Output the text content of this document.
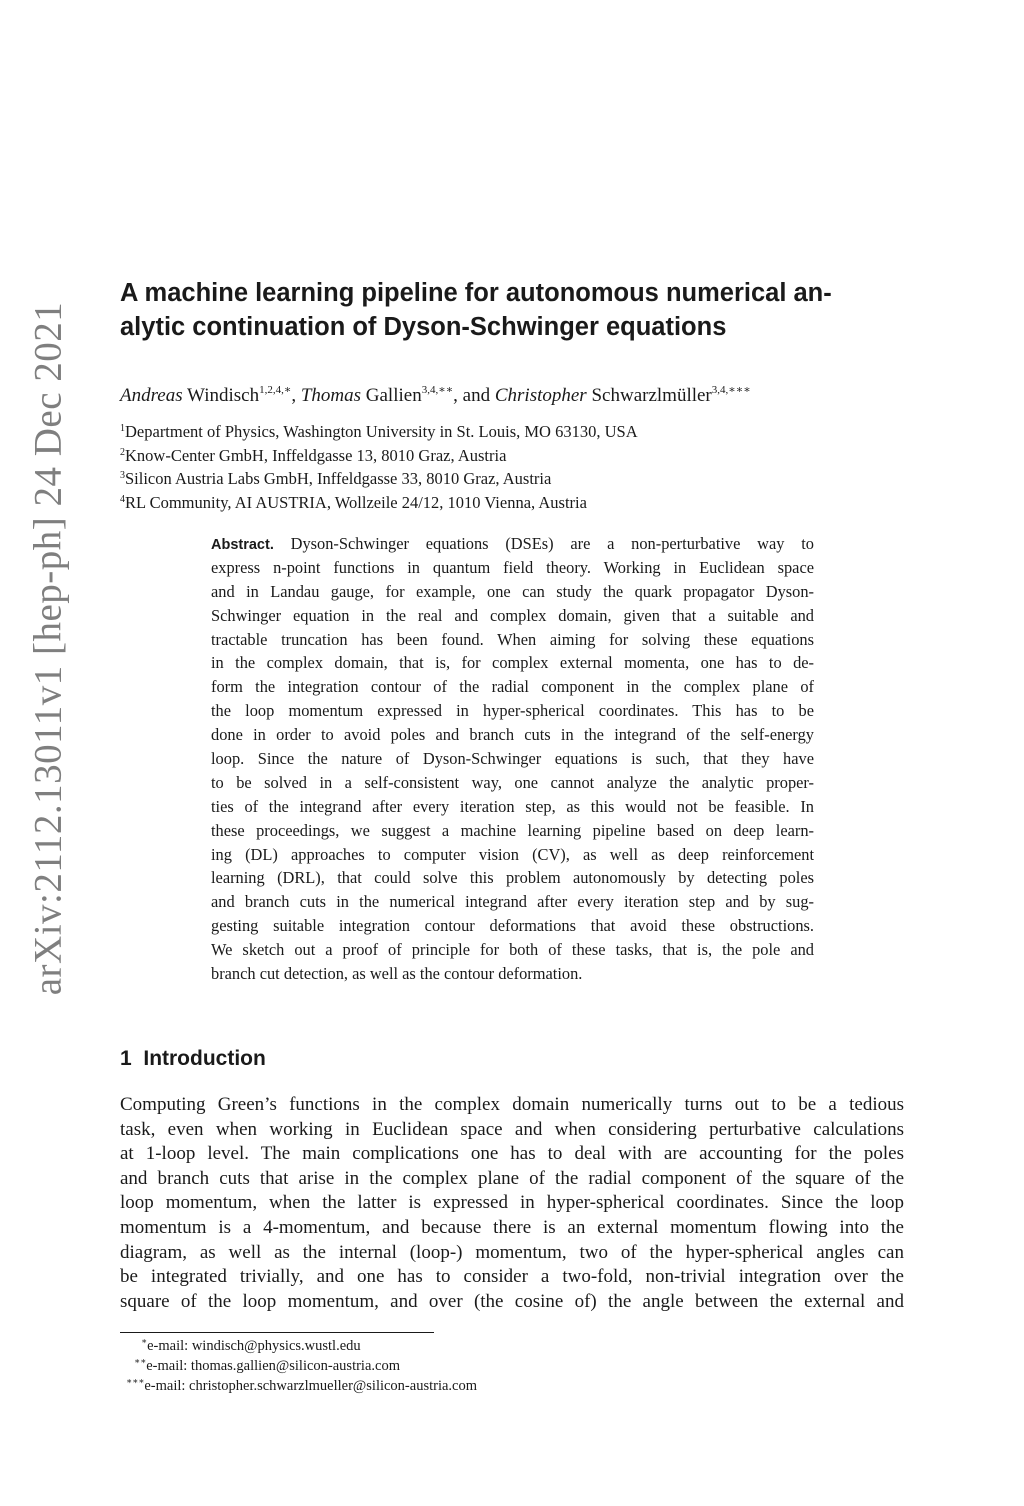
arXiv:2112.13011v1 [hep-ph] 24 Dec 2021
A machine learning pipeline for autonomous numerical an-
alytic continuation of Dyson-Schwinger equations
Andreas Windisch$^{1,2,4,∗}$, Thomas Gallien$^{3,4,∗∗}$, and Christopher Schwarzlmüller$^{3,4,∗∗∗}$
$^1$Department of Physics, Washington University in St. Louis, MO 63130, USA
$^2$Know-Center GmbH, Inffeldgasse 13, 8010 Graz, Austria
$^3$Silicon Austria Labs GmbH, Inffeldgasse 33, 8010 Graz, Austria
$^4$RL Community, AI AUSTRIA, Wollzeile 24/12, 1010 Vienna, Austria
Abstract. Dyson-Schwinger equations (DSEs) are a non-perturbative way to
express n-point functions in quantum field theory. Working in Euclidean space
and in Landau gauge, for example, one can study the quark propagator Dyson-
Schwinger equation in the real and complex domain, given that a suitable and
tractable truncation has been found. When aiming for solving these equations
in the complex domain, that is, for complex external momenta, one has to de-
form the integration contour of the radial component in the complex plane of
the loop momentum expressed in hyper-spherical coordinates. This has to be
done in order to avoid poles and branch cuts in the integrand of the self-energy
loop. Since the nature of Dyson-Schwinger equations is such, that they have
to be solved in a self-consistent way, one cannot analyze the analytic proper-
ties of the integrand after every iteration step, as this would not be feasible. In
these proceedings, we suggest a machine learning pipeline based on deep learn-
ing (DL) approaches to computer vision (CV), as well as deep reinforcement
learning (DRL), that could solve this problem autonomously by detecting poles
and branch cuts in the numerical integrand after every iteration step and by sug-
gesting suitable integration contour deformations that avoid these obstructions.
We sketch out a proof of principle for both of these tasks, that is, the pole and
branch cut detection, as well as the contour deformation.
1 Introduction
Computing Green’s functions in the complex domain numerically turns out to be a tedious
task, even when working in Euclidean space and when considering perturbative calculations
at 1-loop level. The main complications one has to deal with are accounting for the poles
and branch cuts that arise in the complex plane of the radial component of the square of the
loop momentum, when the latter is expressed in hyper-spherical coordinates. Since the loop
momentum is a 4-momentum, and because there is an external momentum flowing into the
diagram, as well as the internal (loop-) momentum, two of the hyper-spherical angles can
be integrated trivially, and one has to consider a two-fold, non-trivial integration over the
square of the loop momentum, and over (the cosine of) the angle between the external and
∗e-mail: windisch@physics.wustl.edu
∗∗e-mail: thomas.gallien@silicon-austria.com
∗∗∗e-mail: christopher.schwarzlmueller@silicon-austria.com
